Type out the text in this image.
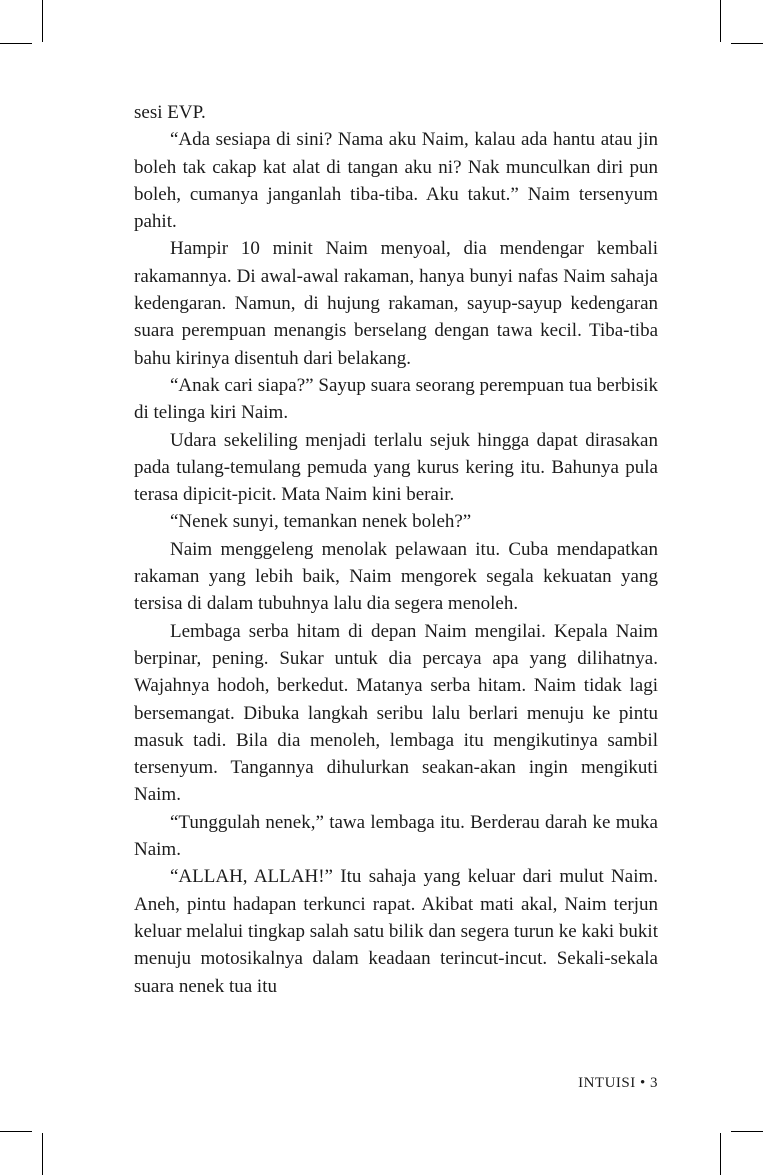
sesi EVP.

“Ada sesiapa di sini? Nama aku Naim, kalau ada hantu atau jin boleh tak cakap kat alat di tangan aku ni? Nak munculkan diri pun boleh, cumanya janganlah tiba-tiba. Aku takut.” Naim tersenyum pahit.

Hampir 10 minit Naim menyoal, dia mendengar kembali rakamannya. Di awal-awal rakaman, hanya bunyi nafas Naim sahaja kedengaran. Namun, di hujung rakaman, sayup-sayup kedengaran suara perempuan menangis berselang dengan tawa kecil. Tiba-tiba bahu kirinya disentuh dari belakang.

“Anak cari siapa?” Sayup suara seorang perempuan tua berbisik di telinga kiri Naim.

Udara sekeliling menjadi terlalu sejuk hingga dapat dirasakan pada tulang-temulang pemuda yang kurus kering itu. Bahunya pula terasa dipicit-picit. Mata Naim kini berair.

“Nenek sunyi, temankan nenek boleh?”

Naim menggeleng menolak pelawaan itu. Cuba mendapatkan rakaman yang lebih baik, Naim mengorek segala kekuatan yang tersisa di dalam tubuhnya lalu dia segera menoleh.

Lembaga serba hitam di depan Naim mengilai. Kepala Naim berpinar, pening. Sukar untuk dia percaya apa yang dilihatnya. Wajahnya hodoh, berkedut. Matanya serba hitam. Naim tidak lagi bersemangat. Dibuka langkah seribu lalu berlari menuju ke pintu masuk tadi. Bila dia menoleh, lembaga itu mengikutinya sambil tersenyum. Tangannya dihulurkan seakan-akan ingin mengikuti Naim.

“Tunggulah nenek,” tawa lembaga itu. Berderau darah ke muka Naim.

“ALLAH, ALLAH!” Itu sahaja yang keluar dari mulut Naim. Aneh, pintu hadapan terkunci rapat. Akibat mati akal, Naim terjun keluar melalui tingkap salah satu bilik dan segera turun ke kaki bukit menuju motosikalnya dalam keadaan terincut-incut. Sekali-sekala suara nenek tua itu

INTUISI • 3
